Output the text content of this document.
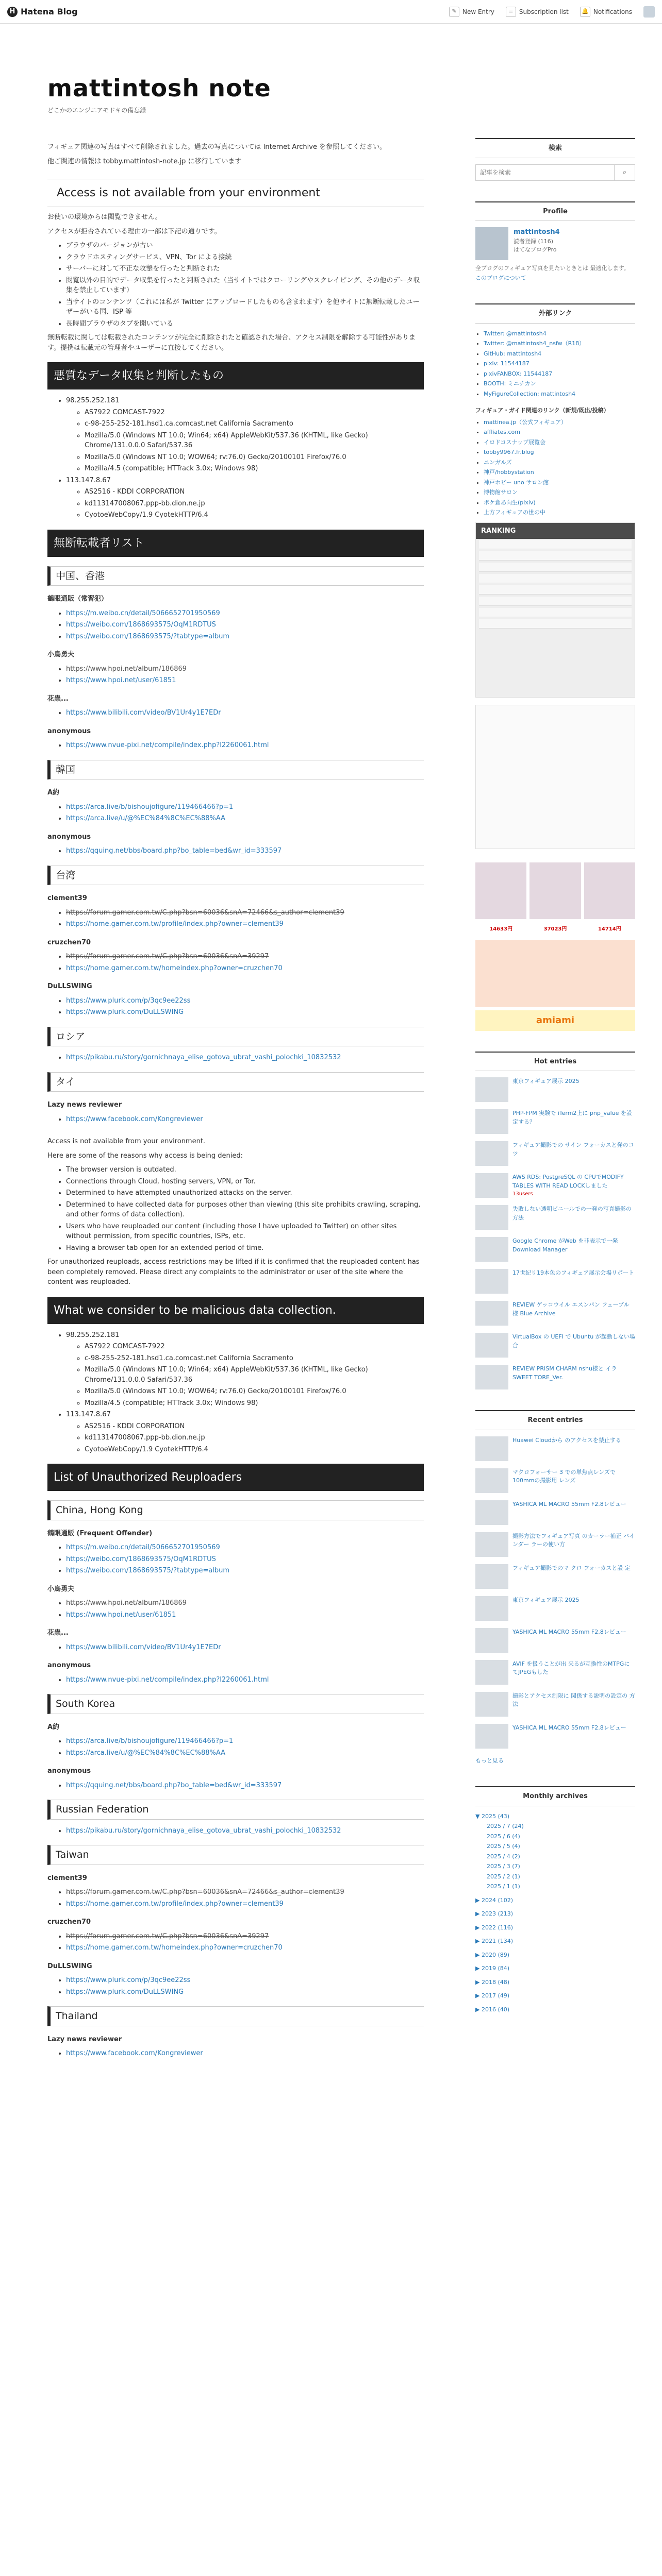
H Hatena Blog	✎ New Entry	≡ Subscription list 🔔 Notifications
mattintosh note
どこかのエンジニアモドキの備忘録

フィギュア関連の写真はすべて削除されました。過去の写真については Internet Archive を参照してください。

他ご関連の情報は tobby.mattintosh-note.jp に移行しています

Access is not available from your environment

お使いの環境からは閲覧できません。

アクセスが拒否されている理由の一部は下記の通りです。

• ブラウザのバージョンが古い
• クラウドホスティングサービス、VPN、Tor による接続
• サーバーに対して不正な攻撃を行ったと判断された
• 閲覧以外の目的でデータ収集を行ったと判断された（当サイトではクローリングやスクレイピング、その他のデータ収集を禁止しています）
• 当サイトのコンテンツ（これには私が Twitter にアップロードしたものも含まれます）を他サイトに無断転載したユーザーがいる国、ISP 等
• 長時間ブラウザのタブを開いている

無断転載に関しては転載されたコンテンツが完全に削除されたと確認された場合、アクセス制限を解除する可能性があります。提携は転載元の管理者やユーザーに直接してください。

悪質なデータ収集と判断したもの
• 98.255.252.181
◦ AS7922 COMCAST-7922
◦ c-98-255-252-181.hsd1.ca.comcast.net California Sacramento
◦ Mozilla/5.0 (Windows NT 10.0; Win64; x64) AppleWebKit/537.36 (KHTML, like Gecko) Chrome/131.0.0.0 Safari/537.36
◦ Mozilla/5.0 (Windows NT 10.0; WOW64; rv:76.0) Gecko/20100101 Firefox/76.0
◦ Mozilla/4.5 (compatible; HTTrack 3.0x; Windows 98)
• 113.147.8.67
◦ AS2516 - KDDI CORPORATION
◦ kd113147008067.ppp-bb.dion.ne.jp
◦ CyotoeWebCopy/1.9 CyotekHTTP/6.4
無断転載者リスト
中国、香港
鶴眼通販（常習犯）
• https://m.weibo.cn/detail/5066652701950569
• https://weibo.com/1868693575/OqM1RDTUS
• https://weibo.com/1868693575/?tabtype=album
小鳥勇夫
• https://www.hpoi.net/album/186869
• https://www.hpoi.net/user/61851
花蟲...
• https://www.bilibili.com/video/BV1Ur4y1E7EDr
anonymous
• https://www.nvue-pixi.net/compile/index.php?l2260061.html
韓国
A約
• https://arca.live/b/bishoujofigure/119466466?p=1
• https://arca.live/u/@%EC%84%8C%EC%88%AA
anonymous
• https://qquing.net/bbs/board.php?bo_table=bed&wr_id=333597
台湾
clement39
• https://forum.gamer.com.tw/C.php?bsn=60036&snA=72466&s_author=clement39
• https://home.gamer.com.tw/profile/index.php?owner=clement39
cruzchen70
• https://forum.gamer.com.tw/C.php?bsn=60036&snA=39297
• https://home.gamer.com.tw/homeindex.php?owner=cruzchen70
DuLLSWING
• https://www.plurk.com/p/3qc9ee22ss
• https://www.plurk.com/DuLLSWING
ロシア
• https://pikabu.ru/story/gornichnaya_elise_gotova_ubrat_vashi_polochki_10832532
タイ
Lazy news reviewer
• https://www.facebook.com/Kongreviewer

Access is not available from your environment.

Here are some of the reasons why access is being denied:

• The browser version is outdated.
• Connections through Cloud, hosting servers, VPN, or Tor.
• Determined to have attempted unauthorized attacks on the server.
• Determined to have collected data for purposes other than viewing (this site prohibits crawling, scraping, and other forms of data collection).
• Users who have reuploaded our content (including those I have uploaded to Twitter) on other sites without permission, from specific countries, ISPs, etc.
• Having a browser tab open for an extended period of time.

For unauthorized reuploads, access restrictions may be lifted if it is confirmed that the reuploaded content has been completely removed. Please direct any complaints to the administrator or user of the site where the content was reuploaded.

What we consider to be malicious data collection.
• 98.255.252.181
◦ AS7922 COMCAST-7922
◦ c-98-255-252-181.hsd1.ca.comcast.net California Sacramento
◦ Mozilla/5.0 (Windows NT 10.0; Win64; x64) AppleWebKit/537.36 (KHTML, like Gecko) Chrome/131.0.0.0 Safari/537.36
◦ Mozilla/5.0 (Windows NT 10.0; WOW64; rv:76.0) Gecko/20100101 Firefox/76.0
◦ Mozilla/4.5 (compatible; HTTrack 3.0x; Windows 98)
• 113.147.8.67
◦ AS2516 - KDDI CORPORATION
◦ kd113147008067.ppp-bb.dion.ne.jp
◦ CyotoeWebCopy/1.9 CyotekHTTP/6.4
List of Unauthorized Reuploaders
China, Hong Kong
鶴眼通販 (Frequent Offender)
• https://m.weibo.cn/detail/5066652701950569
• https://weibo.com/1868693575/OqM1RDTUS
• https://weibo.com/1868693575/?tabtype=album
小鳥勇夫
• https://www.hpoi.net/album/186869
• https://www.hpoi.net/user/61851
花蟲...
• https://www.bilibili.com/video/BV1Ur4y1E7EDr
anonymous
• https://www.nvue-pixi.net/compile/index.php?l2260061.html
South Korea
A約
• https://arca.live/b/bishoujofigure/119466466?p=1
• https://arca.live/u/@%EC%84%8C%EC%88%AA
anonymous
• https://qquing.net/bbs/board.php?bo_table=bed&wr_id=333597
Russian Federation
• https://pikabu.ru/story/gornichnaya_elise_gotova_ubrat_vashi_polochki_10832532
Taiwan
clement39
• https://forum.gamer.com.tw/C.php?bsn=60036&snA=72466&s_author=clement39
• https://home.gamer.com.tw/profile/index.php?owner=clement39
cruzchen70
• https://forum.gamer.com.tw/C.php?bsn=60036&snA=39297
• https://home.gamer.com.tw/homeindex.php?owner=cruzchen70
DuLLSWING
• https://www.plurk.com/p/3qc9ee22ss
• https://www.plurk.com/DuLLSWING
Thailand
Lazy news reviewer
• https://www.facebook.com/Kongreviewer
検索
記事を検索
⌕
Profile
mattintosh4
読者登録 (116)
はてなブログPro
全ブログのフィギュア写真を見たいときとは 最適化します。
このブログについて
外部リンク
• Twitter: @mattintosh4
• Twitter: @mattintosh4_nsfw（R18）
• GitHub: mattintosh4
• pixiv: 11544187
• pixivFANBOX: 11544187
• BOOTH: ミニチカン
• MyFigureCollection: mattintosh4
フィギュア・ガイド関連のリンク（新規/既出/投稿）
• mattinea.jp（公式フィギュア）
• affliates.com
• イロドコスナップ展覧会
• tobby9967.fr.blog
• ニンガルズ
• 神戸/hobbystation
• 神戸ホビー uno サロン館
• 博物館サロン
• ポケ倉あ向生(pixiv)
• 上方フィギュアの世の中
RANKING
14633円	37023円	14714円
amiami
Hot entries
東京フィギュア展示 2025
PHP-FPM 実験で iTerm2上に pnp_value を設定する？
フィギュア撮影での サイン フォーカスと発のコツ
AWS RDS: PostgreSQL の CPUでMODIFY TABLES WITH READ LOCKしました
13users
失敗しない透明ビニールでの一発の写真撮影の方法
Google Chrome がWeb を非表示で一発 Download Manager
17世紀リ19本色のフィギュア展示会場リポート
REVIEW ゲッコウイル エスンパン フェーブル 様 Blue Archive
VirtualBox の UEFI で Ubuntu が起動しない場合
REVIEW PRISM CHARM nshu様と イラ SWEET TORE_Ver.
Recent entries
Huawei Cloudから のアクセスを禁止する
マクロフォーサー 3 での単焦点レンズで 100mmの撮影用 レンズ
YASHICA ML MACRO 55mm F2.8レビュー
撮影方法でフィギュア写真 のカーラー補正 バインダー ラーの使い方
フィギュア撮影でのマ クロ フォーカスと設 定
東京フィギュア展示 2025
YASHICA ML MACRO 55mm F2.8レビュー
AVIF を扱うことが出 来るが互換性のMTPGに てJPEGもした
撮影とアクセス制限に 関係する説明の設定の 方法
YASHICA ML MACRO 55mm F2.8レビュー
もっと見る
Monthly archives
▼ 2025 (43)
2025 / 7 (24)
2025 / 6 (4)
2025 / 5 (4)
2025 / 4 (2)
2025 / 3 (7)
2025 / 2 (1)
2025 / 1 (1)
▶ 2024 (102)
▶ 2023 (213)
▶ 2022 (116)
▶ 2021 (134)
▶ 2020 (89)
▶ 2019 (84)
▶ 2018 (48)
▶ 2017 (49)
▶ 2016 (40)
